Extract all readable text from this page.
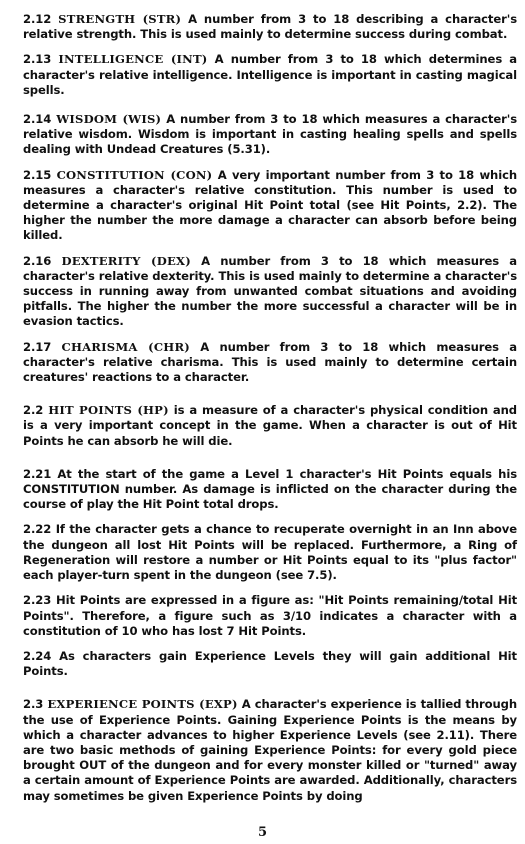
2.12 STRENGTH (STR) A number from 3 to 18 describing a character's relative strength. This is used mainly to determine success during combat.

2.13 INTELLIGENCE (INT) A number from 3 to 18 which determines a character's relative intelligence. Intelligence is important in casting magical spells.

2.14 WISDOM (WIS) A number from 3 to 18 which measures a character's relative wisdom. Wisdom is important in casting healing spells and spells dealing with Undead Creatures (5.31).

2.15 CONSTITUTION (CON) A very important number from 3 to 18 which measures a character's relative constitution. This number is used to determine a character's original Hit Point total (see Hit Points, 2.2). The higher the number the more damage a character can absorb before being killed.

2.16 DEXTERITY (DEX) A number from 3 to 18 which measures a character's relative dexterity. This is used mainly to determine a character's success in running away from unwanted combat situations and avoiding pitfalls. The higher the number the more successful a character will be in evasion tactics.

2.17 CHARISMA (CHR) A number from 3 to 18 which measures a character's relative charisma. This is used mainly to determine certain creatures' reactions to a character.

2.2 HIT POINTS (HP) is a measure of a character's physical condition and is a very important concept in the game. When a character is out of Hit Points he can absorb he will die.

2.21 At the start of the game a Level 1 character's Hit Points equals his CONSTITUTION number. As damage is inflicted on the character during the course of play the Hit Point total drops.

2.22 If the character gets a chance to recuperate overnight in an Inn above the dungeon all lost Hit Points will be replaced. Furthermore, a Ring of Regeneration will restore a number or Hit Points equal to its "plus factor" each player-turn spent in the dungeon (see 7.5).

2.23 Hit Points are expressed in a figure as: "Hit Points remaining/total Hit Points". Therefore, a figure such as 3/10 indicates a character with a constitution of 10 who has lost 7 Hit Points.

2.24 As characters gain Experience Levels they will gain additional Hit Points.

2.3 EXPERIENCE POINTS (EXP) A character's experience is tallied through the use of Experience Points. Gaining Experience Points is the means by which a character advances to higher Experience Levels (see 2.11). There are two basic methods of gaining Experience Points: for every gold piece brought OUT of the dungeon and for every monster killed or "turned" away a certain amount of Experience Points are awarded. Additionally, characters may sometimes be given Experience Points by doing

5
